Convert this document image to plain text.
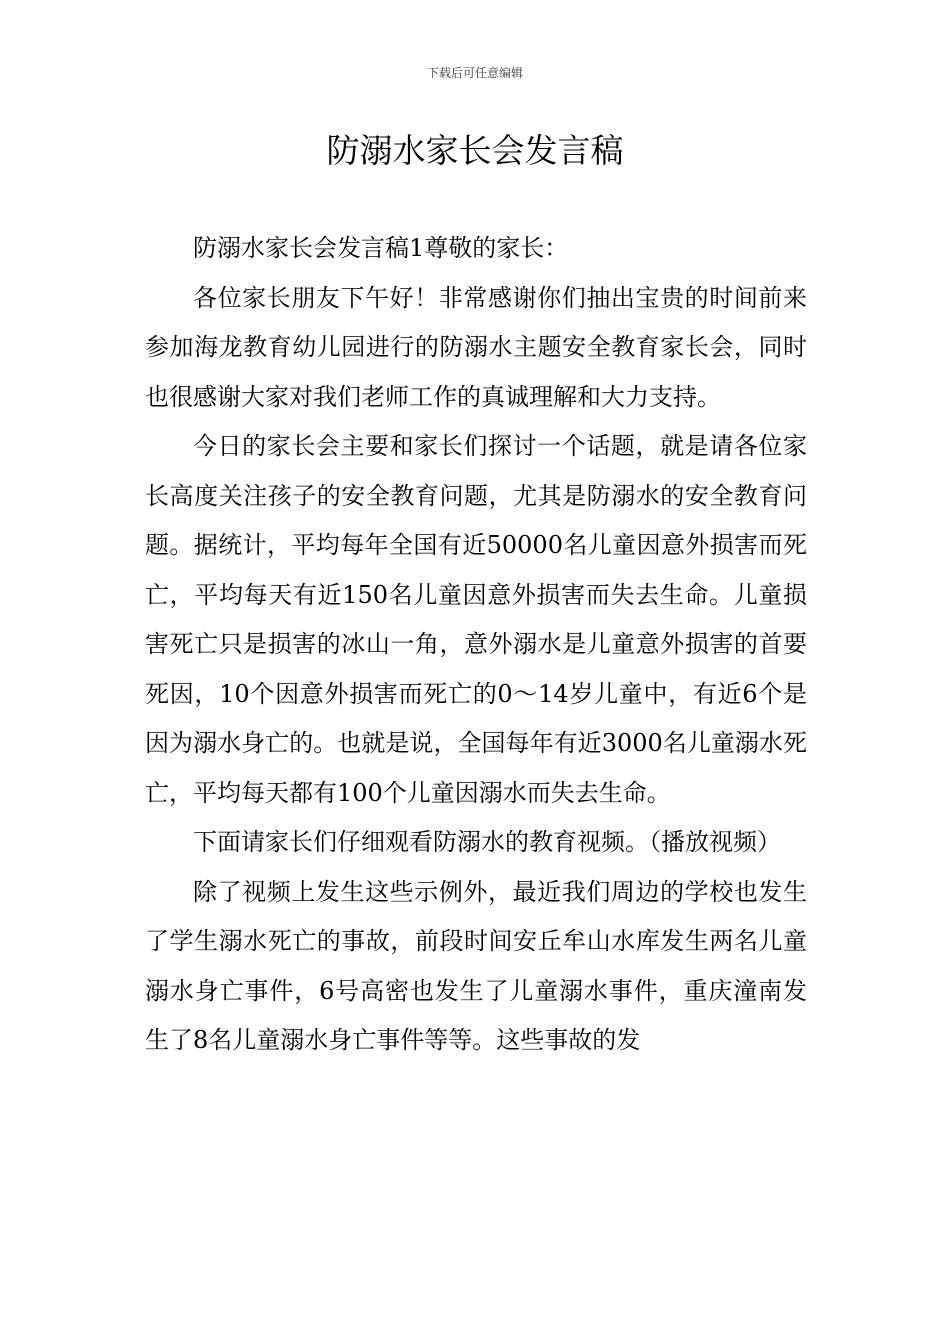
下载后可任意编辑
防溺水家长会发言稿

防溺水家长会发言稿1尊敬的家长：

各位家长朋友下午好！非常感谢你们抽出宝贵的时间前来参加海龙教育幼儿园进行的防溺水主题安全教育家长会，同时也很感谢大家对我们老师工作的真诚理解和大力支持。

今日的家长会主要和家长们探讨一个话题，就是请各位家长高度关注孩子的安全教育问题，尤其是防溺水的安全教育问题。据统计，平均每年全国有近50000名儿童因意外损害而死亡，平均每天有近150名儿童因意外损害而失去生命。儿童损害死亡只是损害的冰山一角，意外溺水是儿童意外损害的首要死因，10个因意外损害而死亡的0～14岁儿童中，有近6个是因为溺水身亡的。也就是说，全国每年有近3000名儿童溺水死亡，平均每天都有100个儿童因溺水而失去生命。

下面请家长们仔细观看防溺水的教育视频。（播放视频）

除了视频上发生这些示例外，最近我们周边的学校也发生了学生溺水死亡的事故，前段时间安丘牟山水库发生两名儿童溺水身亡事件，6号高密也发生了儿童溺水事件，重庆潼南发生了8名儿童溺水身亡事件等等。这些事故的发
